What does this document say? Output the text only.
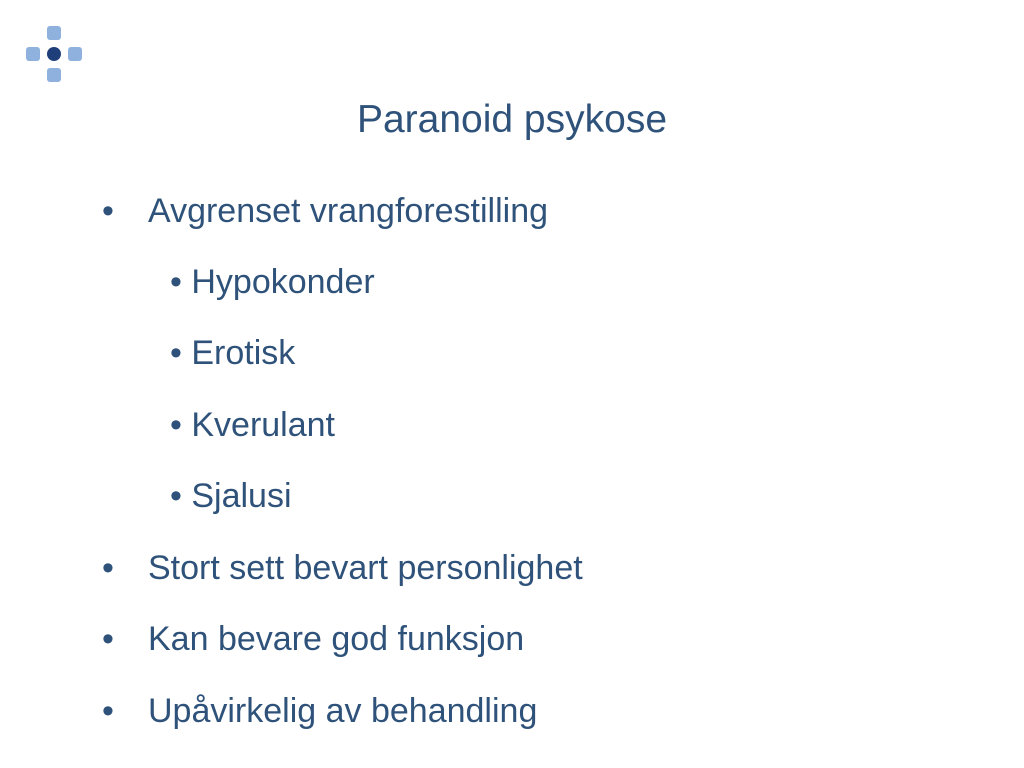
Paranoid psykose
• Avgrenset vrangforestilling
• Hypokonder
• Erotisk
• Kverulant
• Sjalusi
• Stort sett bevart personlighet
• Kan bevare god funksjon
• Upåvirkelig av behandling
